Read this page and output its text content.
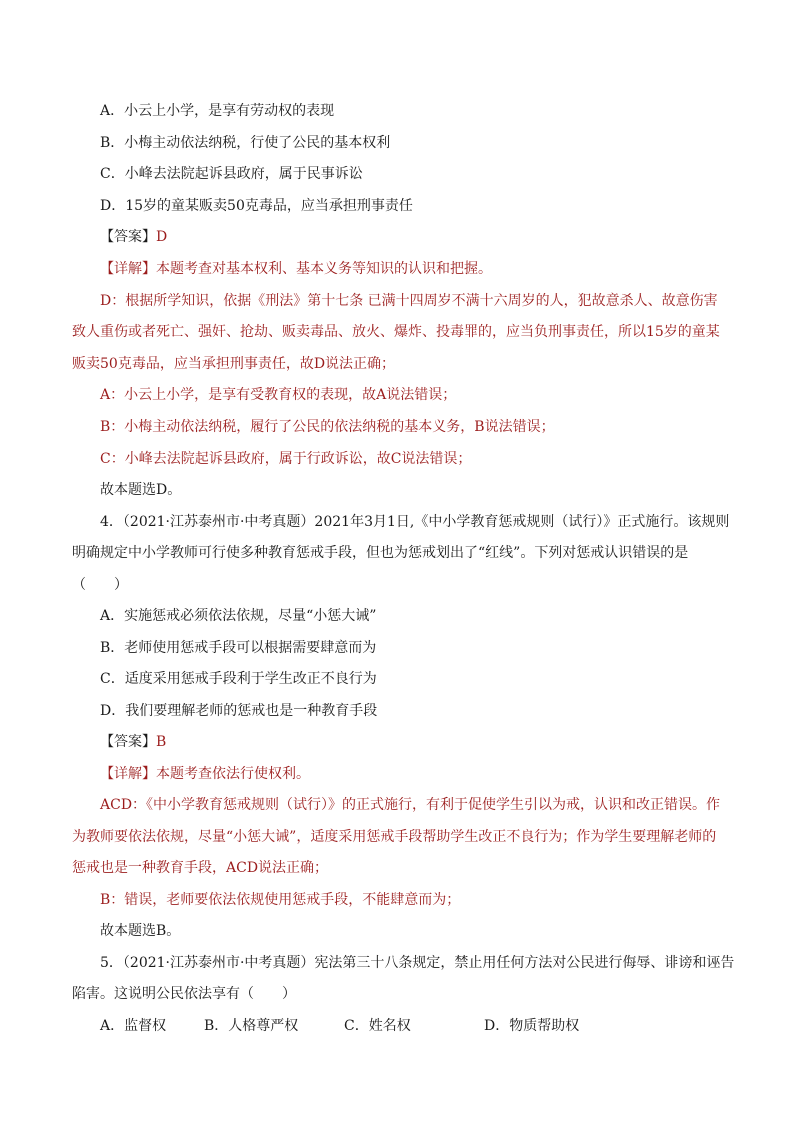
A．小云上小学，是享有劳动权的表现
B．小梅主动依法纳税，行使了公民的基本权利
C．小峰去法院起诉县政府，属于民事诉讼
D．15岁的童某贩卖50克毒品，应当承担刑事责任
【答案】D
【详解】本题考查对基本权利、基本义务等知识的认识和把握。
D：根据所学知识，依据《刑法》第十七条 已满十四周岁不满十六周岁的人，犯故意杀人、故意伤害
致人重伤或者死亡、强奸、抢劫、贩卖毒品、放火、爆炸、投毒罪的，应当负刑事责任，所以15岁的童某
贩卖50克毒品，应当承担刑事责任，故D说法正确；
A：小云上小学，是享有受教育权的表现，故A说法错误；
B：小梅主动依法纳税，履行了公民的依法纳税的基本义务，B说法错误；
C：小峰去法院起诉县政府，属于行政诉讼，故C说法错误；
故本题选D。
4．（2021·江苏泰州市·中考真题）2021年3月1日,《中小学教育惩戒规则（试行）》正式施行。该规则
明确规定中小学教师可行使多种教育惩戒手段，但也为惩戒划出了“红线”。下列对惩戒认识错误的是
（　　）
A．实施惩戒必须依法依规，尽量“小惩大诫”
B．老师使用惩戒手段可以根据需要肆意而为
C．适度采用惩戒手段利于学生改正不良行为
D．我们要理解老师的惩戒也是一种教育手段
【答案】B
【详解】本题考查依法行使权利。
ACD：《中小学教育惩戒规则（试行）》的正式施行，有利于促使学生引以为戒，认识和改正错误。作
为教师要依法依规，尽量“小惩大诫”，适度采用惩戒手段帮助学生改正不良行为；作为学生要理解老师的
惩戒也是一种教育手段，ACD说法正确；
B：错误，老师要依法依规使用惩戒手段，不能肆意而为；
故本题选B。
5．（2021·江苏泰州市·中考真题）宪法第三十八条规定，禁止用任何方法对公民进行侮辱、诽谤和诬告
陷害。这说明公民依法享有（　　）
A．监督权	B．人格尊严权	C．姓名权	D．物质帮助权
